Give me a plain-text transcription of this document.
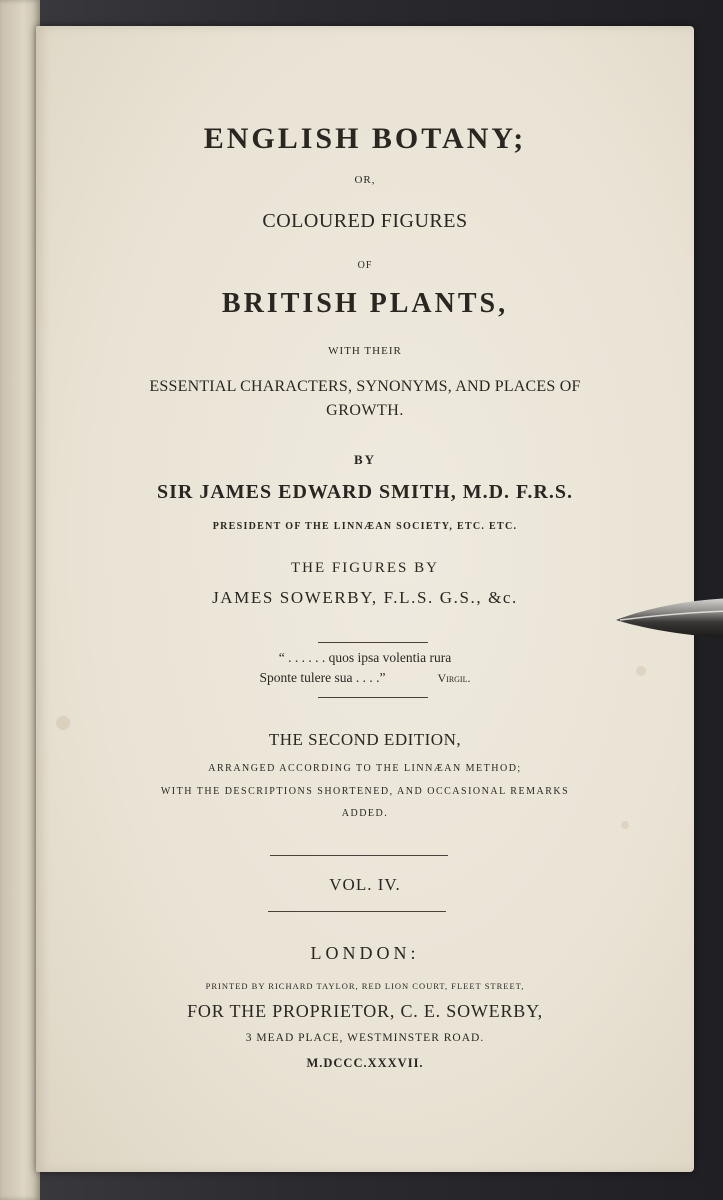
ENGLISH BOTANY;
OR,
COLOURED FIGURES
OF
BRITISH PLANTS,
WITH THEIR
ESSENTIAL CHARACTERS, SYNONYMS, AND PLACES OF
GROWTH.
BY
SIR JAMES EDWARD SMITH, M.D. F.R.S.
PRESIDENT OF THE LINNÆAN SOCIETY, ETC. ETC.
THE FIGURES BY
JAMES SOWERBY, F.L.S. G.S., &c.
“ . . . . . . quos ipsa volentia rura
Sponte tulere sua . . . .”	Virgil.
THE SECOND EDITION,
ARRANGED ACCORDING TO THE LINNÆAN METHOD;
WITH THE DESCRIPTIONS SHORTENED, AND OCCASIONAL REMARKS
ADDED.
VOL. IV.
LONDON:
PRINTED BY RICHARD TAYLOR, RED LION COURT, FLEET STREET,
FOR THE PROPRIETOR, C. E. SOWERBY,
3 MEAD PLACE, WESTMINSTER ROAD.
M.DCCC.XXXVII.
